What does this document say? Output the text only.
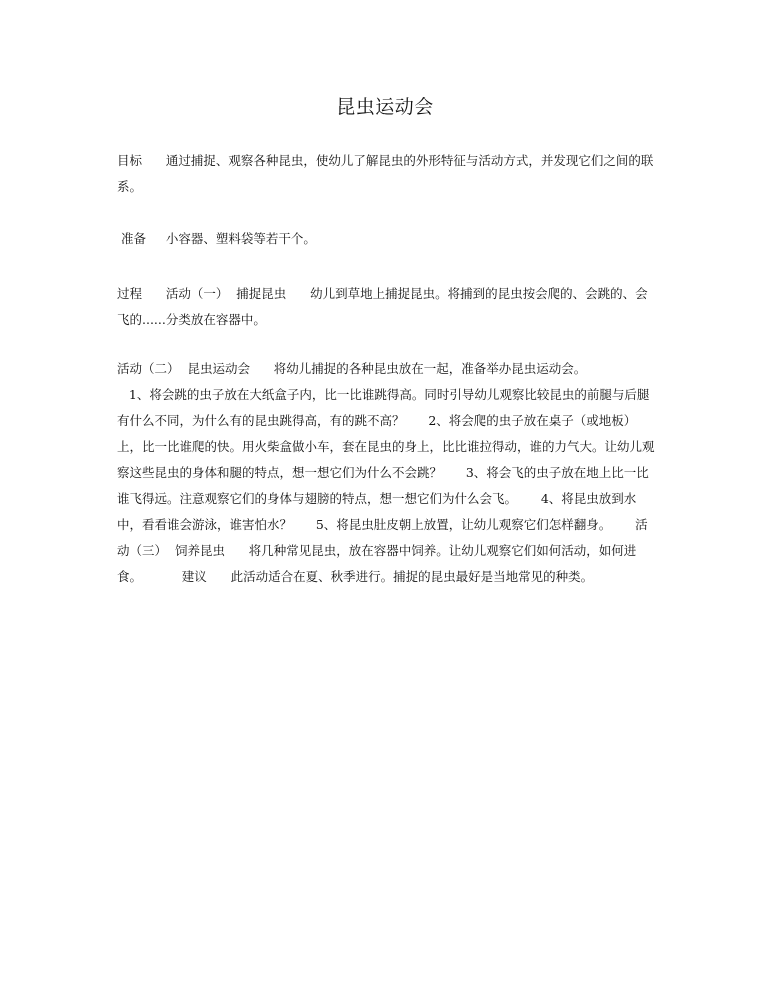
昆虫运动会

目标      通过捕捉、观察各种昆虫，使幼儿了解昆虫的外形特征与活动方式，并发现它们之间的联系。

准备     小容器、塑料袋等若干个。

过程      活动（一）  捕捉昆虫      幼儿到草地上捕捉昆虫。将捕到的昆虫按会爬的、会跳的、会飞的......分类放在容器中。

活动（二）  昆虫运动会      将幼儿捕捉的各种昆虫放在一起，准备举办昆虫运动会。
1、将会跳的虫子放在大纸盒子内，比一比谁跳得高。同时引导幼儿观察比较昆虫的前腿与后腿有什么不同，为什么有的昆虫跳得高，有的跳不高？      2、将会爬的虫子放在桌子（或地板）上，比一比谁爬的快。用火柴盒做小车，套在昆虫的身上，比比谁拉得动，谁的力气大。让幼儿观察这些昆虫的身体和腿的特点，想一想它们为什么不会跳？      3、将会飞的虫子放在地上比一比谁飞得远。注意观察它们的身体与翅膀的特点，想一想它们为什么会飞。      4、将昆虫放到水中，看看谁会游泳，谁害怕水？      5、将昆虫肚皮朝上放置，让幼儿观察它们怎样翻身。      活动（三）  饲养昆虫      将几种常见昆虫，放在容器中饲养。让幼儿观察它们如何活动，如何进食。          建议      此活动适合在夏、秋季进行。捕捉的昆虫最好是当地常见的种类。
